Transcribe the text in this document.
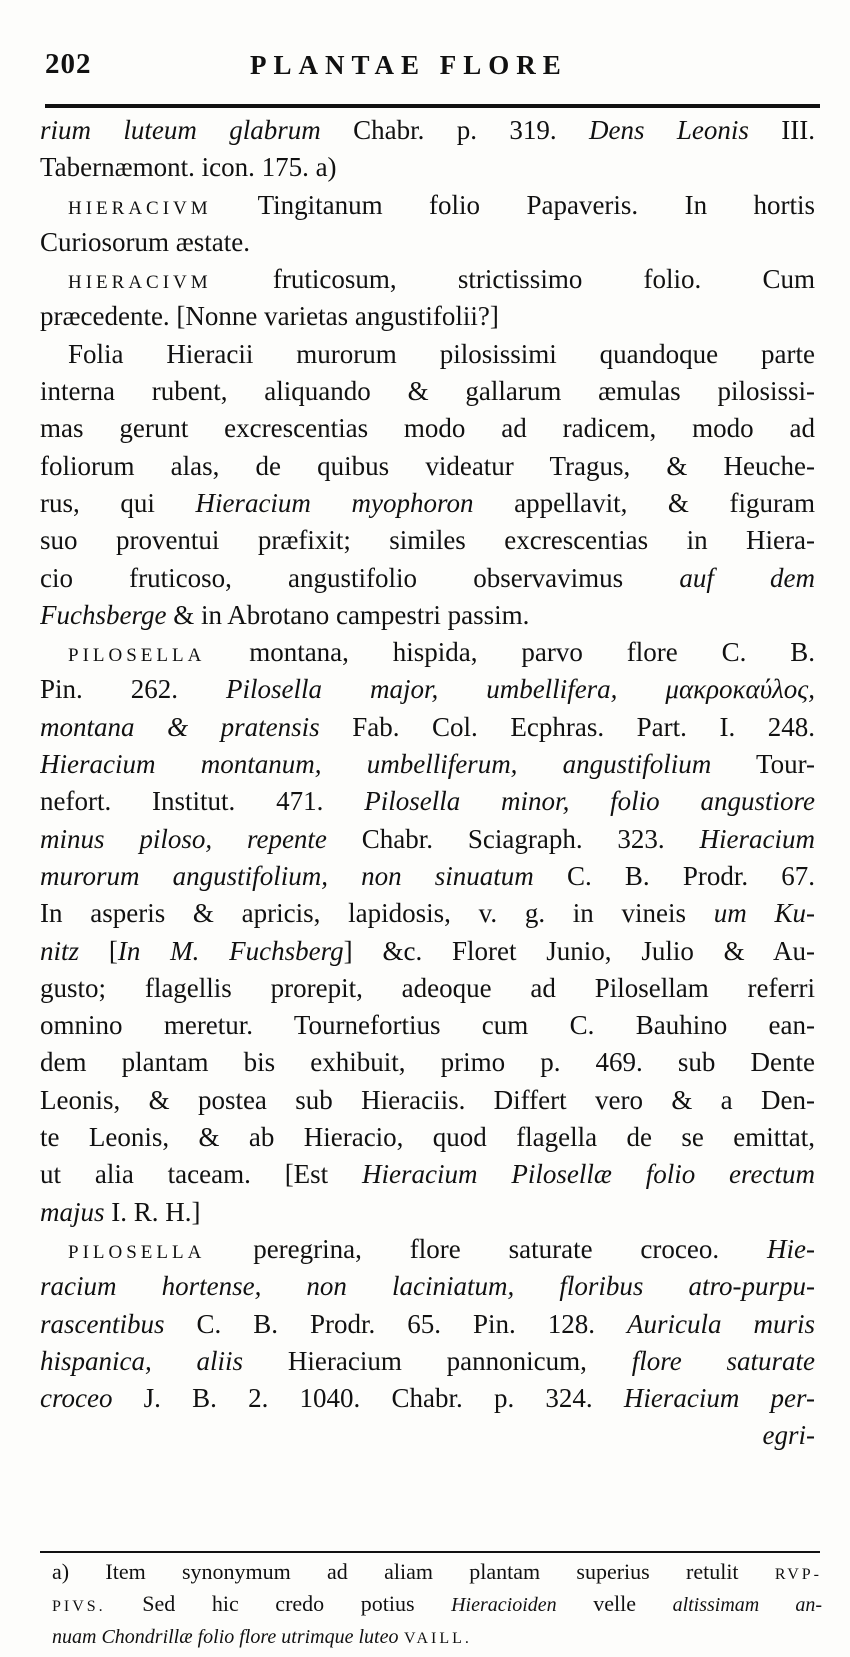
202	PLANTAE FLORE
rium luteum glabrum Chabr. p. 319. Dens Leonis III.
Tabernæmont. icon. 175. a)
HIERACIVM Tingitanum folio Papaveris. In hortis
Curiosorum æstate.
HIERACIVM fruticosum, strictissimo folio. Cum
præcedente. [Nonne varietas angustifolii?]
Folia Hieracii murorum pilosissimi quandoque parte
interna rubent, aliquando & gallarum æmulas pilosissi-
mas gerunt excrescentias modo ad radicem, modo ad
foliorum alas, de quibus videatur Tragus, & Heuche-
rus, qui Hieracium myophoron appellavit, & figuram
suo proventui præfixit; similes excrescentias in Hiera-
cio fruticoso, angustifolio observavimus auf dem
Fuchsberge & in Abrotano campestri passim.
PILOSELLA montana, hispida, parvo flore C. B.
Pin. 262. Pilosella major, umbellifera, μακρoκαύλoς,
montana & pratensis Fab. Col. Ecphras. Part. I. 248.
Hieracium montanum, umbelliferum, angustifolium Tour-
nefort. Institut. 471. Pilosella minor, folio angustiore
minus piloso, repente Chabr. Sciagraph. 323. Hieracium
murorum angustifolium, non sinuatum C. B. Prodr. 67.
In asperis & apricis, lapidosis, v. g. in vineis um Ku-
nitz [In M. Fuchsberg] &c. Floret Junio, Julio & Au-
gusto; flagellis prorepit, adeoque ad Pilosellam referri
omnino meretur. Tournefortius cum C. Bauhino ean-
dem plantam bis exhibuit, primo p. 469. sub Dente
Leonis, & postea sub Hieraciis. Differt vero & a Den-
te Leonis, & ab Hieracio, quod flagella de se emittat,
ut alia taceam. [Est Hieracium Pilosellæ folio erectum
majus I. R. H.]
PILOSELLA peregrina, flore saturate croceo. Hie-
racium hortense, non laciniatum, floribus atro-purpu-
rascentibus C. B. Prodr. 65. Pin. 128. Auricula muris
hispanica, aliis Hieracium pannonicum, flore saturate
croceo J. B. 2. 1040. Chabr. p. 324. Hieracium per-
egri-
a) Item synonymum ad aliam plantam superius retulit RVP-
PIVS. Sed hic credo potius Hieracioiden velle altissimam an-
nuam Chondrillæ folio flore utrimque luteo VAILL.
